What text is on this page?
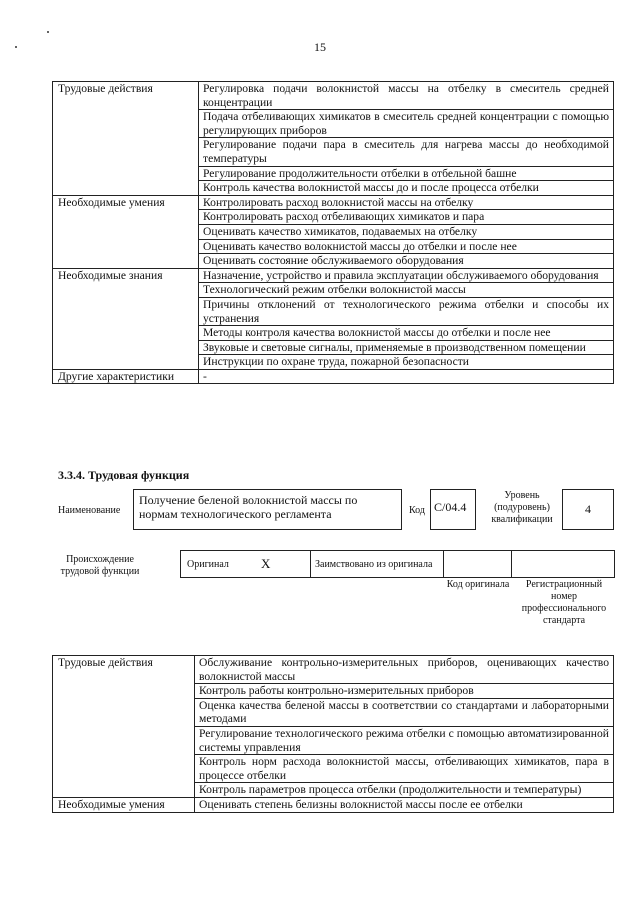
15
Трудовые действия	Регулировка подачи волокнистой массы на отбелку в смеситель средней концентрации
	Подача отбеливающих химикатов в смеситель средней концентрации с помощью регулирующих приборов
	Регулирование подачи пара в смеситель для нагрева массы до необходимой температуры
	Регулирование продолжительности отбелки в отбельной башне
	Контроль качества волокнистой массы до и после процесса отбелки
Необходимые умения	Контролировать расход волокнистой массы на отбелку
	Контролировать расход отбеливающих химикатов и пара
	Оценивать качество химикатов, подаваемых на отбелку
	Оценивать качество волокнистой массы до отбелки и после нее
	Оценивать состояние обслуживаемого оборудования
Необходимые знания	Назначение, устройство и правила эксплуатации обслуживаемого оборудования
	Технологический режим отбелки волокнистой массы
	Причины отклонений от технологического режима отбелки и способы их устранения
	Методы контроля качества волокнистой массы до отбелки и после нее
	Звуковые и световые сигналы, применяемые в производственном помещении
	Инструкции по охране труда, пожарной безопасности
Другие характеристики	-
3.3.4. Трудовая функция
Наименование
Получение беленой волокнистой массы по нормам технологического регламента	Код C/04.4
Уровень (подуровень) квалификации
4
Происхождение трудовой функции
Оригинал X	Заимствовано из оригинала
Код оригинала	Регистрационный номер профессионального стандарта
Трудовые действия	Обслуживание контрольно-измерительных приборов, оценивающих качество волокнистой массы
	Контроль работы контрольно-измерительных приборов
	Оценка качества беленой массы в соответствии со стандартами и лабораторными методами
	Регулирование технологического режима отбелки с помощью автоматизированной системы управления
	Контроль норм расхода волокнистой массы, отбеливающих химикатов, пара в процессе отбелки
	Контроль параметров процесса отбелки (продолжительности и температуры)
Необходимые умения	Оценивать степень белизны волокнистой массы после ее отбелки
